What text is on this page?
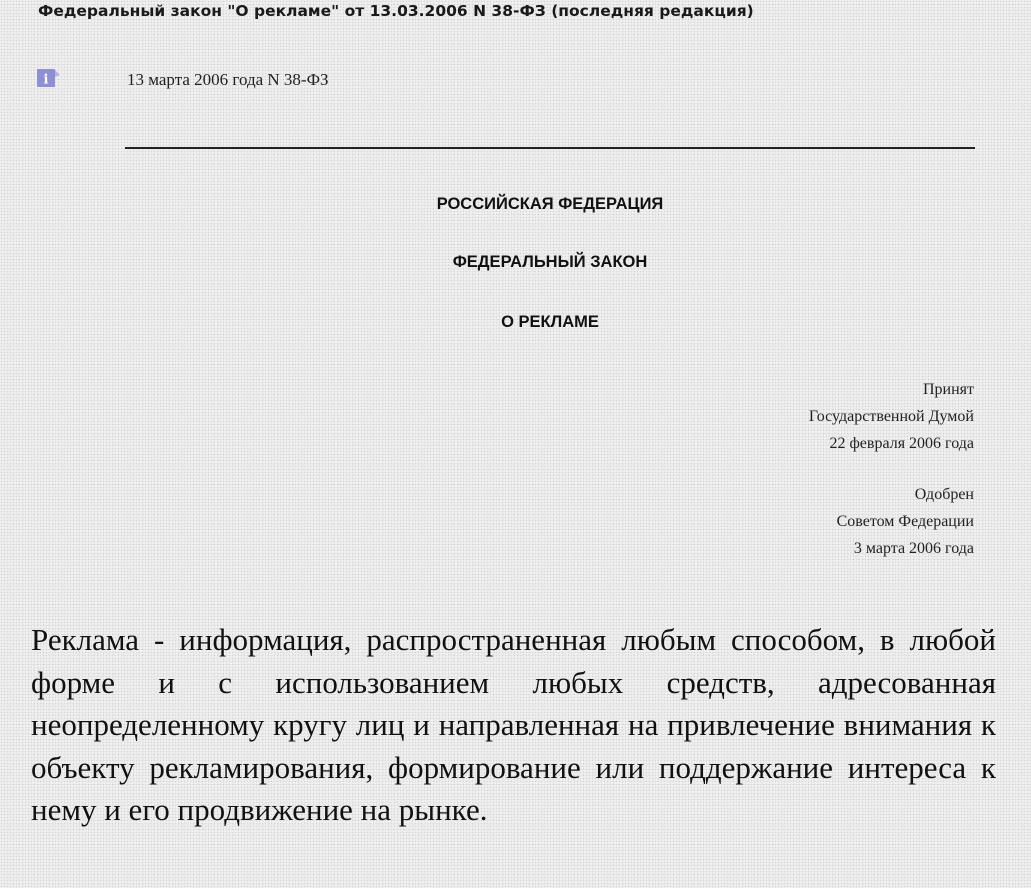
Федеральный закон "О рекламе" от 13.03.2006 N 38-ФЗ (последняя редакция)
i	13 марта 2006 года N 38-ФЗ
РОССИЙСКАЯ ФЕДЕРАЦИЯ
ФЕДЕРАЛЬНЫЙ ЗАКОН
О РЕКЛАМЕ
Принят
Государственной Думой
22 февраля 2006 года
Одобрен
Советом Федерации
3 марта 2006 года

Реклама - информация, распространенная любым способом, в любой форме и с использованием любых средств, адресованная неопределенному кругу лиц и направленная на привлечение внимания к объекту рекламирования, формирование или поддержание интереса к нему и его продвижение на рынке.
